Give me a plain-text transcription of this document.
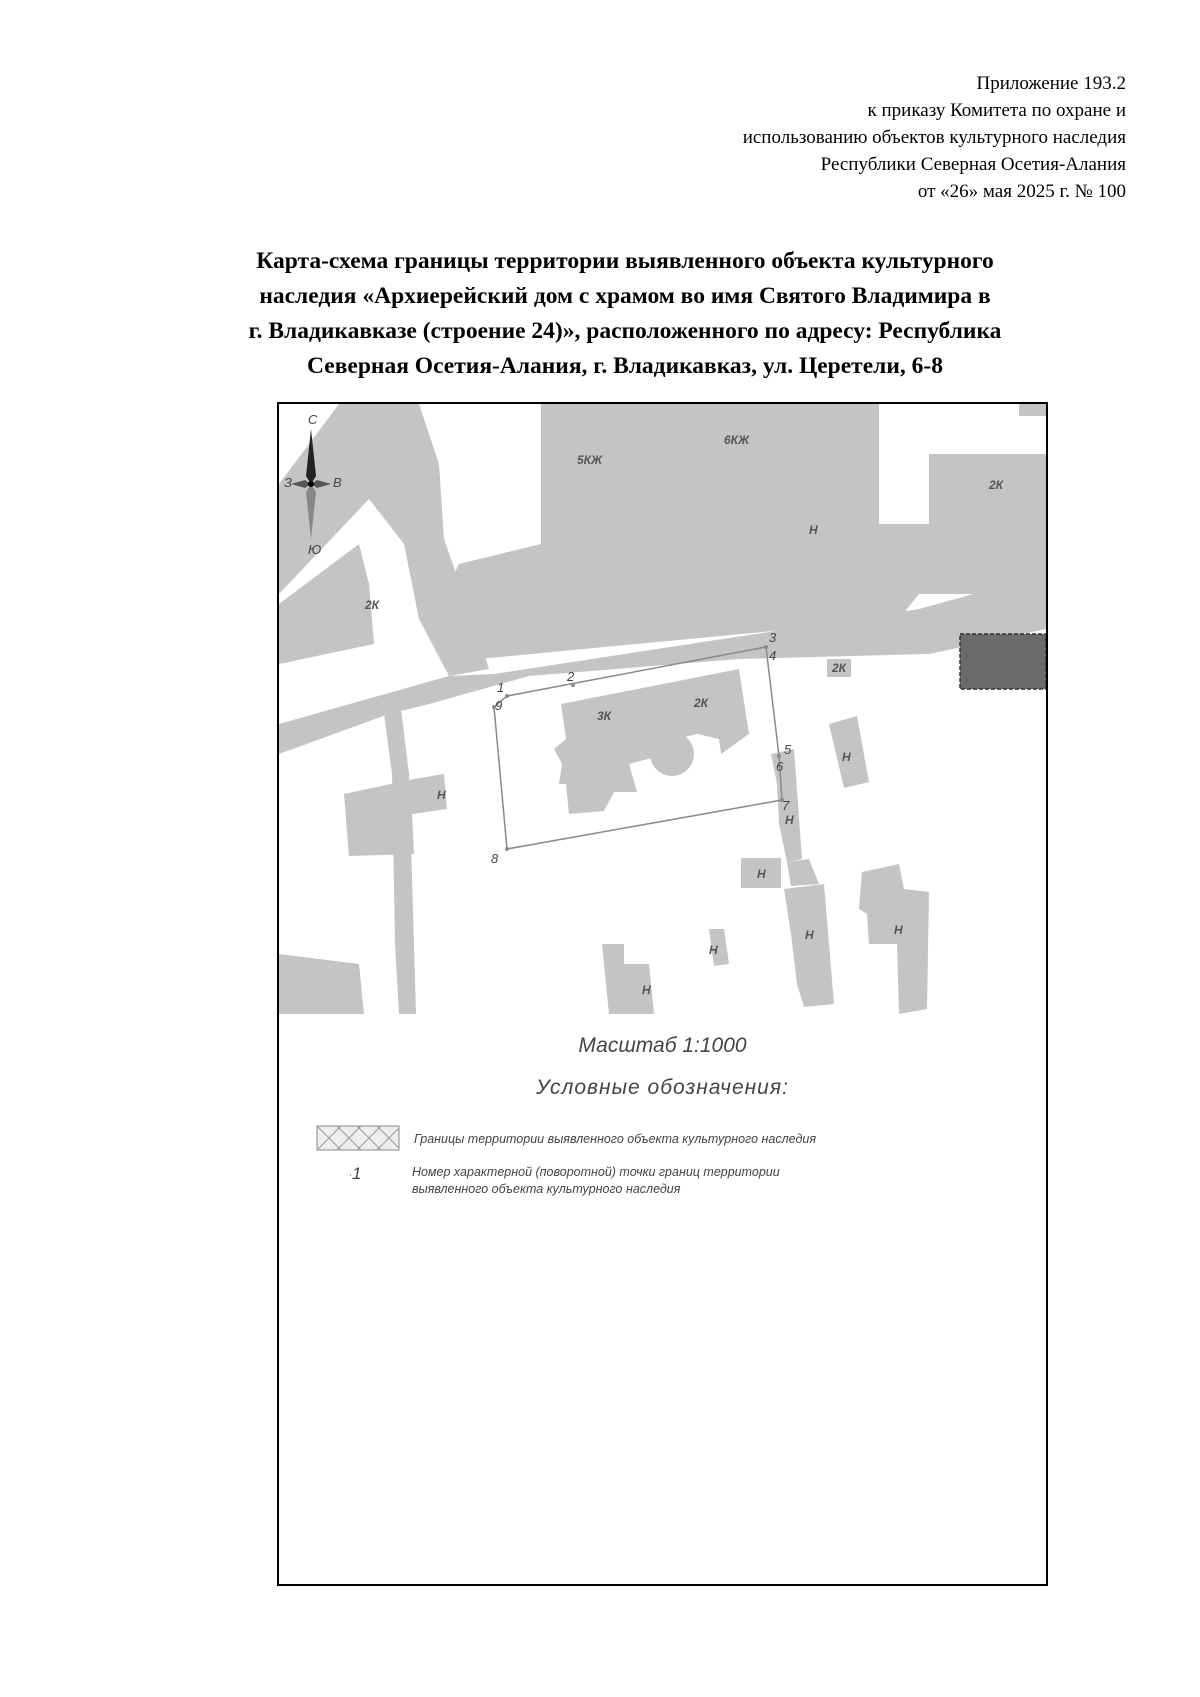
Приложение 193.2
к приказу Комитета по охране и
использованию объектов культурного наследия
Республики Северная Осетия-Алания
от «26» мая 2025 г. № 100
Карта-схема границы территории выявленного объекта культурного
наследия «Архиерейский дом с храмом во имя Святого Владимира в
г. Владикавказе (строение 24)», расположенного по адресу: Республика
Северная Осетия-Алания, г. Владикавказ, ул. Церетели, 6-8
С
Ю
З	В
5КЖ
6КЖ
2К
Н
2К
2К
3К
2К
Н
Н
Н
Н
Н	Н
Н
Н
1
2
3
4
5
6
7
8
9
Масштаб 1:1000
Условные обозначения:
Границы территории выявленного объекта культурного наследия
·1	Номер характерной (поворотной) точки границ территории
выявленного объекта культурного наследия
